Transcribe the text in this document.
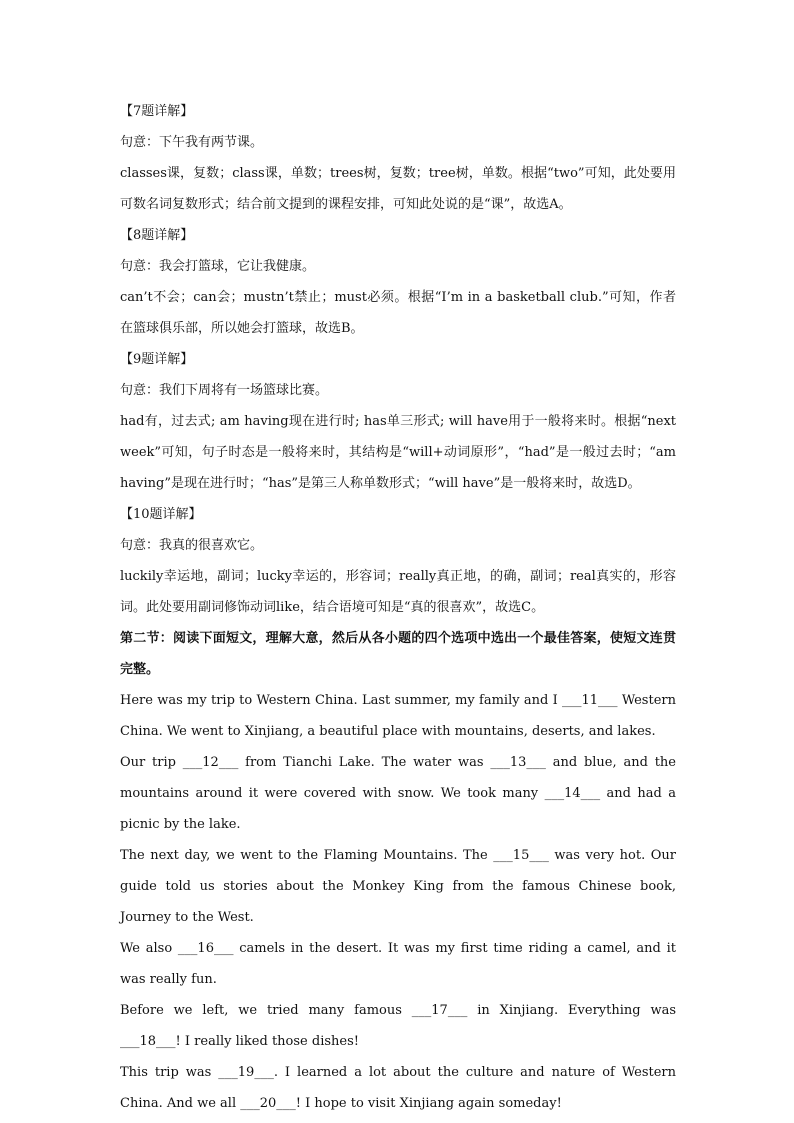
【7题详解】

句意：下午我有两节课。

classes课，复数；class课，单数；trees树，复数；tree树，单数。根据“two”可知，此处要用可数名词复数形式；结合前文提到的课程安排，可知此处说的是“课”，故选A。

【8题详解】

句意：我会打篮球，它让我健康。

can’t不会；can会；mustn’t禁止；must必须。根据“I’m in a basketball club.”可知，作者在篮球俱乐部，所以她会打篮球，故选B。

【9题详解】

句意：我们下周将有一场篮球比赛。

had有，过去式; am having现在进行时; has单三形式; will have用于一般将来时。根据“next week”可知，句子时态是一般将来时，其结构是“will+动词原形”，“had”是一般过去时；“am having”是现在进行时；“has”是第三人称单数形式；“will have”是一般将来时，故选D。

【10题详解】

句意：我真的很喜欢它。

luckily幸运地，副词；lucky幸运的，形容词；really真正地，的确，副词；real真实的，形容词。此处要用副词修饰动词like，结合语境可知是“真的很喜欢”，故选C。

第二节：阅读下面短文，理解大意，然后从各小题的四个选项中选出一个最佳答案，使短文连贯完整。

Here was my trip to Western China. Last summer, my family and I ___11___ Western China. We went to Xinjiang, a beautiful place with mountains, deserts, and lakes.

Our trip ___12___ from Tianchi Lake. The water was ___13___ and blue, and the mountains around it were covered with snow. We took many ___14___ and had a picnic by the lake.

The next day, we went to the Flaming Mountains. The ___15___ was very hot. Our guide told us stories about the Monkey King from the famous Chinese book, Journey to the West.

We also ___16___ camels in the desert. It was my first time riding a camel, and it was really fun.

Before we left, we tried many famous ___17___ in Xinjiang. Everything was ___18___! I really liked those dishes!

This trip was ___19___. I learned a lot about the culture and nature of Western China. And we all ___20___! I hope to visit Xinjiang again someday!
